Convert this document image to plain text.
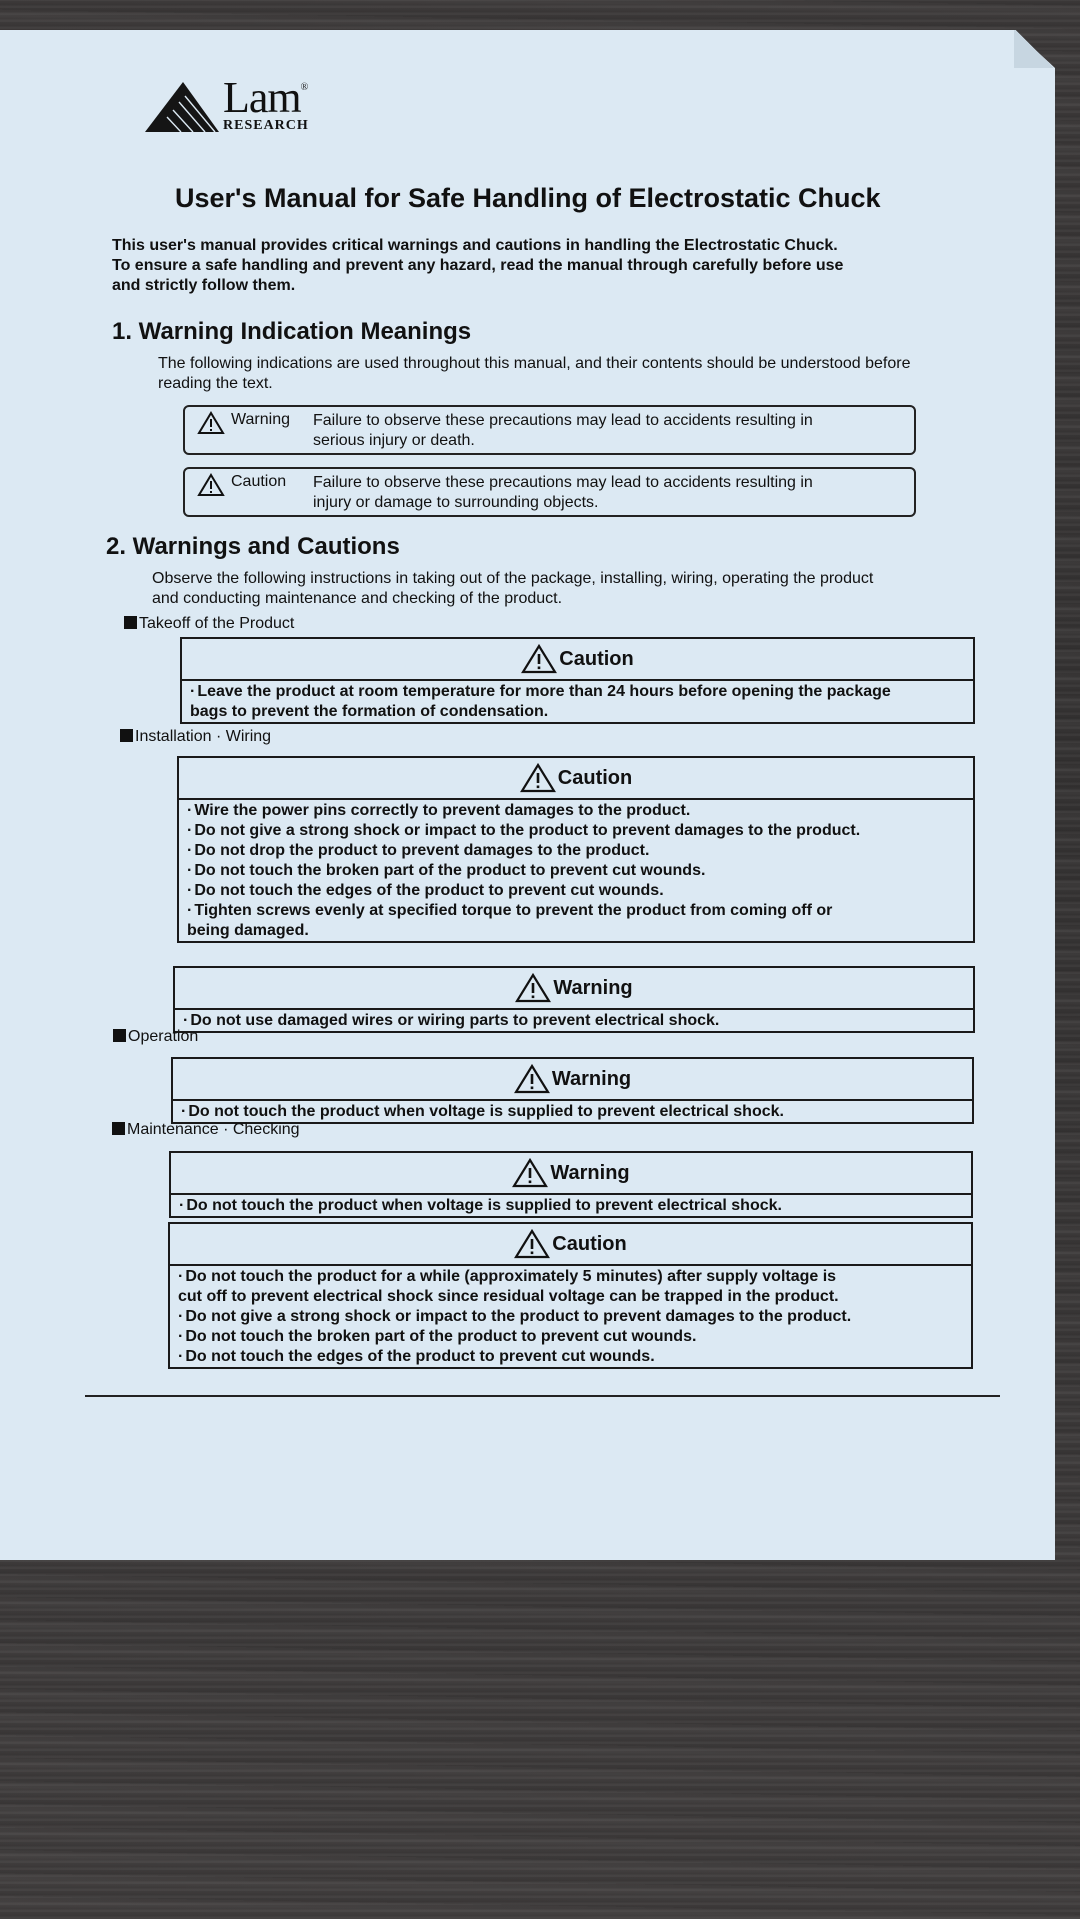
Lam®
RESEARCH
User's Manual for Safe Handling of Electrostatic Chuck
This user's manual provides critical warnings and cautions in handling the Electrostatic Chuck.
To ensure a safe handling and prevent any hazard, read the manual through carefully before use
and strictly follow them.
1. Warning Indication Meanings
The following indications are used throughout this manual, and their contents should be understood before
reading the text.
Warning Failure to observe these precautions may lead to accidents resulting in
serious injury or death.
Caution Failure to observe these precautions may lead to accidents resulting in
injury or damage to surrounding objects.
2. Warnings and Cautions
Observe the following instructions in taking out of the package, installing, wiring, operating the product
and conducting maintenance and checking of the product.
Takeoff of the Product
Caution
· Leave the product at room temperature for more than 24 hours before opening the package
bags to prevent the formation of condensation.
Installation · Wiring
Caution
· Wire the power pins correctly to prevent damages to the product.
· Do not give a strong shock or impact to the product to prevent damages to the product.
· Do not drop the product to prevent damages to the product.
· Do not touch the broken part of the product to prevent cut wounds.
· Do not touch the edges of the product to prevent cut wounds.
· Tighten screws evenly at specified torque to prevent the product from coming off or
being damaged.
Warning
· Do not use damaged wires or wiring parts to prevent electrical shock.
Operation
Warning
· Do not touch the product when voltage is supplied to prevent electrical shock.
Maintenance · Checking
Warning
· Do not touch the product when voltage is supplied to prevent electrical shock.
Caution
· Do not touch the product for a while (approximately 5 minutes) after supply voltage is
cut off to prevent electrical shock since residual voltage can be trapped in the product.
· Do not give a strong shock or impact to the product to prevent damages to the product.
· Do not touch the broken part of the product to prevent cut wounds.
· Do not touch the edges of the product to prevent cut wounds.
